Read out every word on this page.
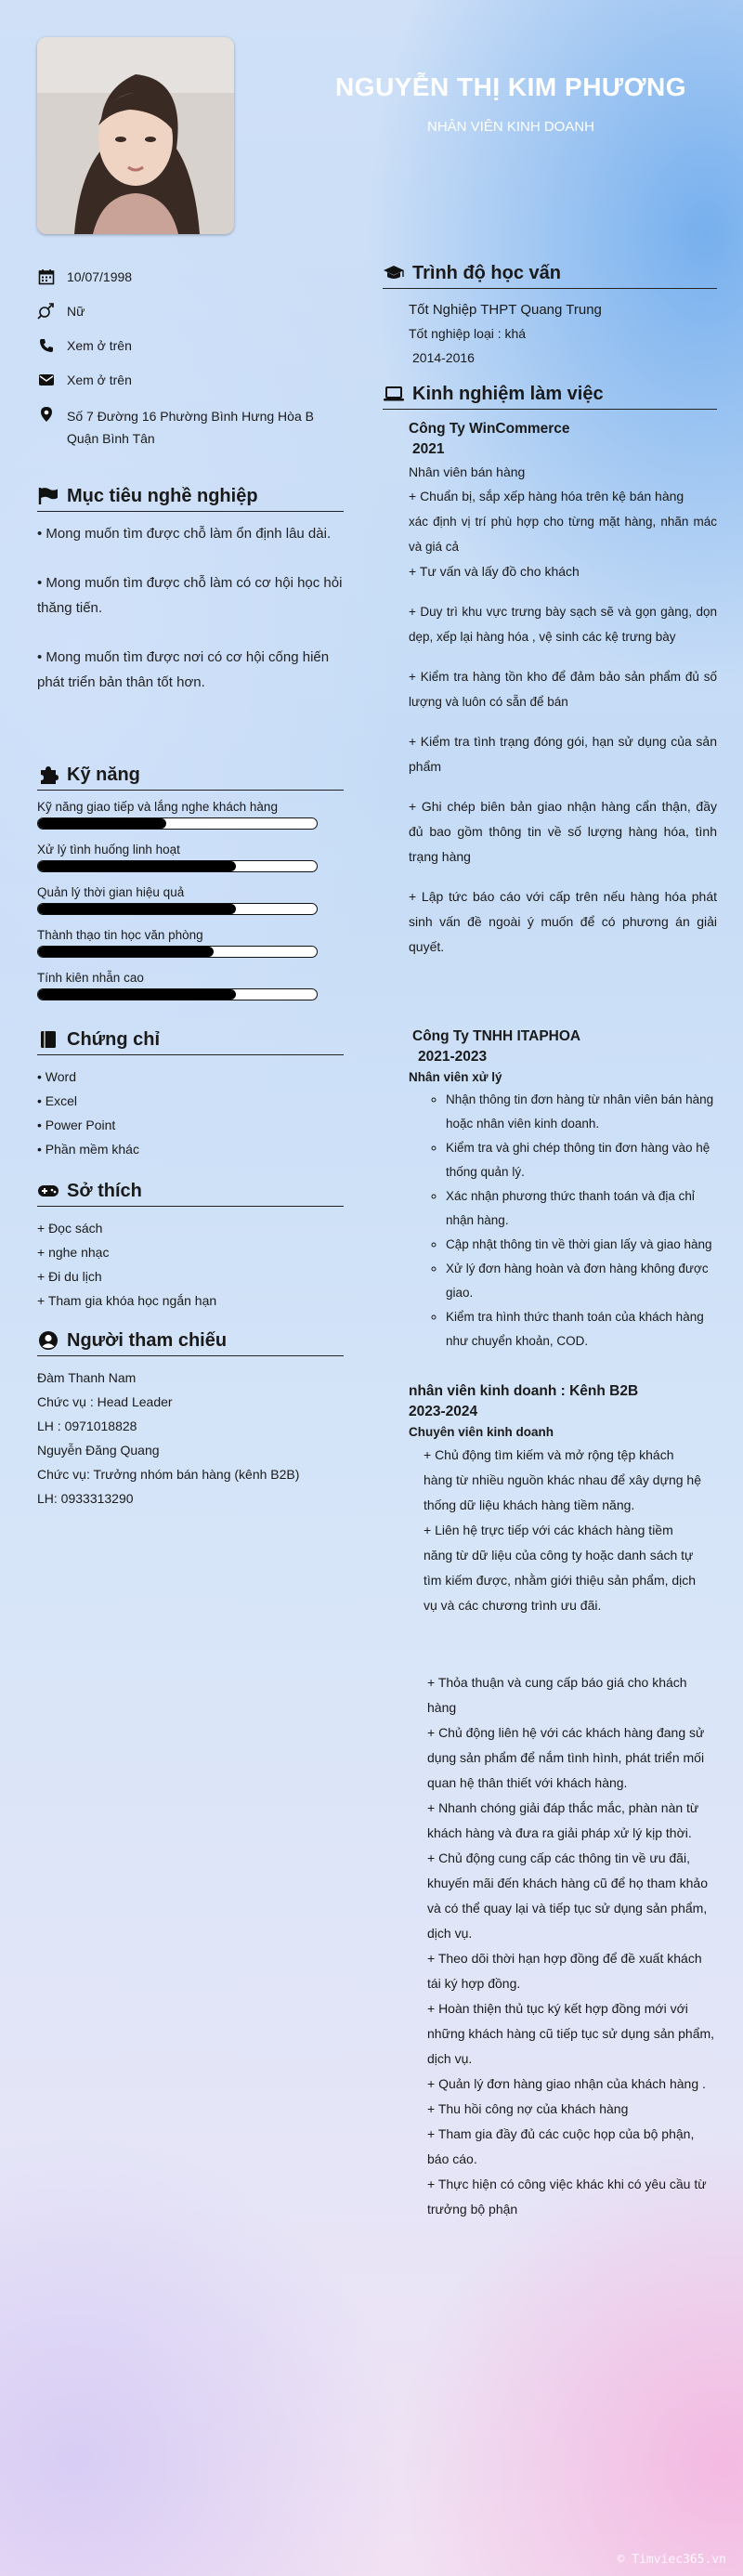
NGUYỄN THỊ KIM PHƯƠNG
NHÂN VIÊN KINH DOANH
10/07/1998
Nữ
Xem ở trên
Xem ở trên
Số 7 Đường 16 Phường Bình Hưng Hòa B Quận Bình Tân
Mục tiêu nghề nghiệp
• Mong muốn tìm được chỗ làm ổn định lâu dài.
• Mong muốn tìm được chỗ làm có cơ hội học hỏi thăng tiến.
• Mong muốn tìm được nơi có cơ hội cống hiến phát triển bản thân tốt hơn.
Kỹ năng
Kỹ năng giao tiếp và lắng nghe khách hàng
Xử lý tình huống linh hoạt
Quản lý thời gian hiệu quả
Thành thạo tin học văn phòng
Tính kiên nhẫn cao
Chứng chỉ
• Word
• Excel
• Power Point
• Phần mềm khác
Sở thích
+ Đọc sách
+ nghe nhạc
+ Đi du lịch
+ Tham gia khóa học ngắn hạn
Người tham chiếu
Đàm Thanh Nam
Chức vụ : Head Leader
LH : 0971018828
Nguyễn Đăng Quang
Chức vụ: Trưởng nhóm bán hàng (kênh B2B)
LH: 0933313290
Trình độ học vấn
Tốt Nghiệp THPT Quang Trung
Tốt nghiệp loại : khá
2014-2016
Kinh nghiệm làm việc
Công Ty WinCommerce
2021
Nhân viên bán hàng
+ Chuẩn bị, sắp xếp hàng hóa trên kệ bán hàng
xác định vị trí phù hợp cho từng mặt hàng, nhãn mác và giá cả
+ Tư vấn và lấy đồ cho khách
+ Duy trì khu vực trưng bày sạch sẽ và gọn gàng, dọn dẹp, xếp lại hàng hóa , vệ sinh các kệ trưng bày
+ Kiểm tra hàng tồn kho để đảm bảo sản phẩm đủ số lượng và luôn có sẵn để bán
+ Kiểm tra tình trạng đóng gói, hạn sử dụng của sản phẩm
+ Ghi chép biên bản giao nhận hàng cẩn thận, đầy đủ bao gồm thông tin về số lượng hàng hóa, tình trạng hàng
+ Lập tức báo cáo với cấp trên nếu hàng hóa phát sinh vấn đề ngoài ý muốn để có phương án giải quyết.
Công Ty TNHH ITAPHOA
2021-2023
Nhân viên xử lý
◦ Nhận thông tin đơn hàng từ nhân viên bán hàng hoặc nhân viên kinh doanh.
◦ Kiểm tra và ghi chép thông tin đơn hàng vào hệ thống quản lý.
◦ Xác nhận phương thức thanh toán và địa chỉ nhận hàng.
◦ Cập nhật thông tin về thời gian lấy và giao hàng
◦ Xử lý đơn hàng hoàn và đơn hàng không được giao.
◦ Kiểm tra hình thức thanh toán của khách hàng như chuyển khoản, COD.
nhân viên kinh doanh : Kênh B2B
2023-2024
Chuyên viên kinh doanh
+ Chủ động tìm kiếm và mở rộng tệp khách hàng từ nhiều nguồn khác nhau để xây dựng hệ thống dữ liệu khách hàng tiềm năng.
+ Liên hệ trực tiếp với các khách hàng tiềm năng từ dữ liệu của công ty hoặc danh sách tự tìm kiếm được, nhằm giới thiệu sản phẩm, dịch vụ và các chương trình ưu đãi.
+ Thỏa thuận và cung cấp báo giá cho khách hàng
+ Chủ động liên hệ với các khách hàng đang sử dụng sản phẩm để nắm tình hình, phát triển mối quan hệ thân thiết với khách hàng.
+ Nhanh chóng giải đáp thắc mắc, phàn nàn từ khách hàng và đưa ra giải pháp xử lý kịp thời.
+ Chủ động cung cấp các thông tin về ưu đãi, khuyến mãi đến khách hàng cũ để họ tham khảo và có thể quay lại và tiếp tục sử dụng sản phẩm, dịch vụ.
+ Theo dõi thời hạn hợp đồng để đề xuất khách tái ký hợp đồng.
+ Hoàn thiện thủ tục ký kết hợp đồng mới với những khách hàng cũ tiếp tục sử dụng sản phẩm, dịch vụ.
+ Quản lý đơn hàng giao nhận của khách hàng .
+ Thu hồi công nợ của khách hàng
+ Tham gia đầy đủ các cuộc họp của bộ phận, báo cáo.
+ Thực hiện có công việc khác khi có yêu cầu từ trưởng bộ phận
© Timviec365.vn
